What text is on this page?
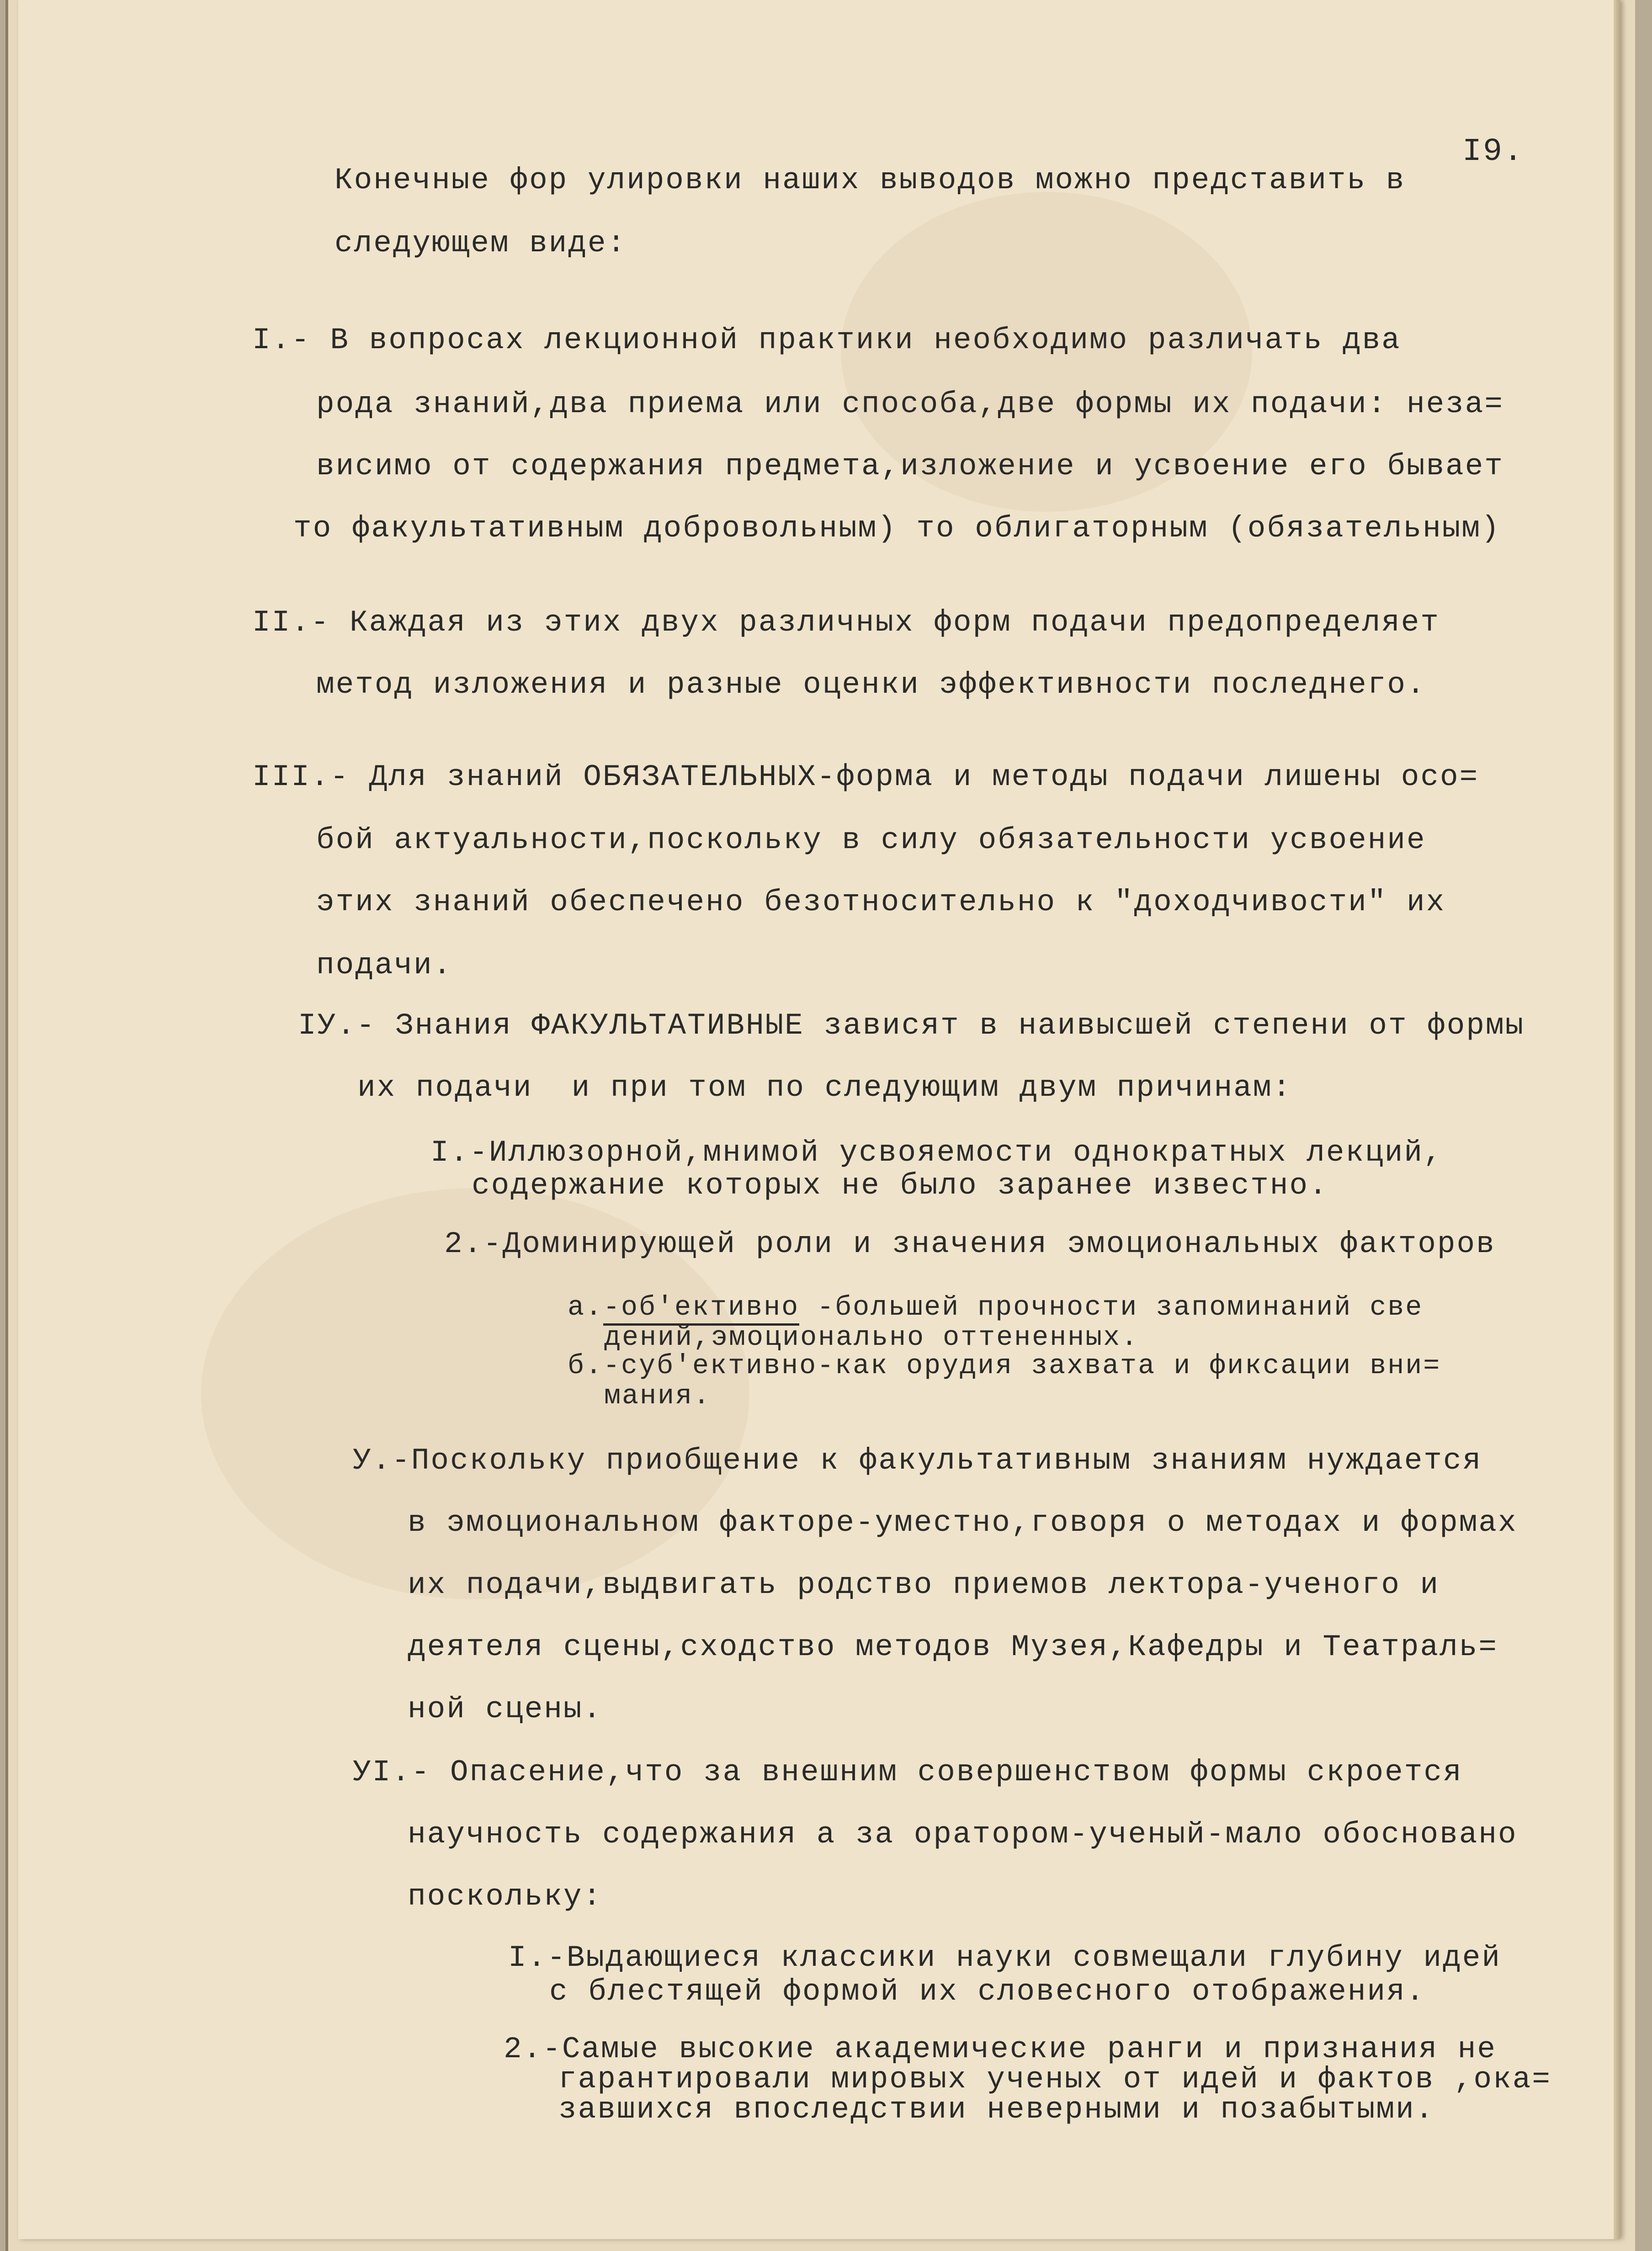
I9.
Конечные фор улировки наших выводов можно представить в
следующем виде:
I.- В вопросах лекционной практики необходимо различать два
рода знаний,два приема или способа,две формы их подачи: неза=
висимо от содержания предмета,изложение и усвоение его бывает
то факультативным добровольным) то облигаторным (обязательным)
II.- Каждая из этих двух различных форм подачи предопределяет
метод изложения и разные оценки эффективности последнего.
III.- Для знаний ОБЯЗАТЕЛЬНЫХ-форма и методы подачи лишены осо=
бой актуальности,поскольку в силу обязательности усвоение
этих знаний обеспечено безотносительно к "доходчивости" их
подачи.
IУ.- Знания ФАКУЛЬТАТИВНЫЕ зависят в наивысшей степени от формы
их подачи  и при том по следующим двум причинам:
I.-Иллюзорной,мнимой усвояемости однократных лекций,
содержание которых не было заранее известно.
2.-Доминирующей роли и значения эмоциональных факторов
а.-об'ективно -большей прочности запоминаний све
дений,эмоционально оттененных.
б.-суб'ективно-как орудия захвата и фиксации вни=
мания.
У.-Поскольку приобщение к факультативным знаниям нуждается
в эмоциональном факторе-уместно,говоря о методах и формах
их подачи,выдвигать родство приемов лектора-ученого и
деятеля сцены,сходство методов Музея,Кафедры и Театраль=
ной сцены.
УI.- Опасение,что за внешним совершенством формы скроется
научность содержания а за оратором-ученый-мало обосновано
поскольку:
I.-Выдающиеся классики науки совмещали глубину идей
с блестящей формой их словесного отображения.
2.-Самые высокие академические ранги и признания не
гарантировали мировых ученых от идей и фактов ,ока=
завшихся впоследствии неверными и позабытыми.
